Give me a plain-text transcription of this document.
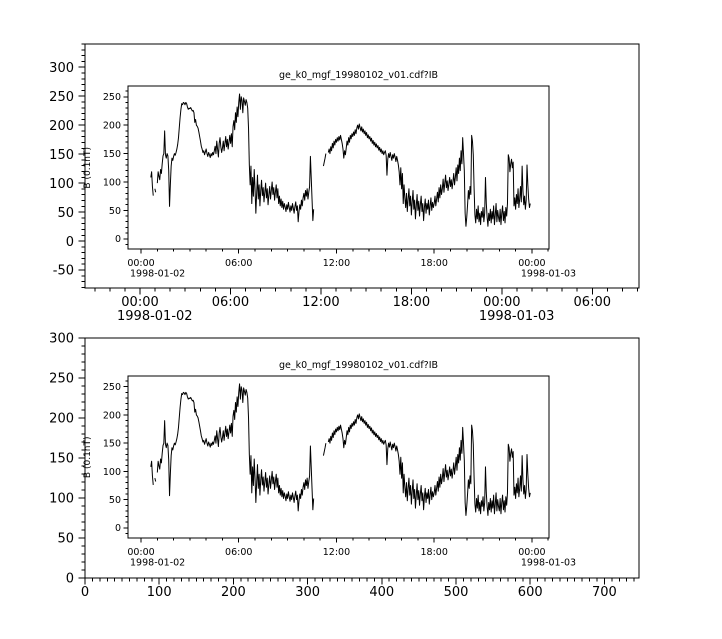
300
250
200
150
100
50
0
-50
00:00	06:00	12:00	18:00	00:00	06:00
1998-01-02	1998-01-03
300
250
200
150
100
50
0
0	100	200	300	400	500	600	700
ge_k0_mgf_19980102_v01.cdf?IB
0
50
100
150
200
250
B (0.1nT)
00:00	06:00	12:00	18:00	00:00
1998-01-02	1998-01-03
ge_k0_mgf_19980102_v01.cdf?IB
0
50
100
150
200
250
B (0.1nT)
00:00	06:00	12:00	18:00	00:00
1998-01-02	1998-01-03
